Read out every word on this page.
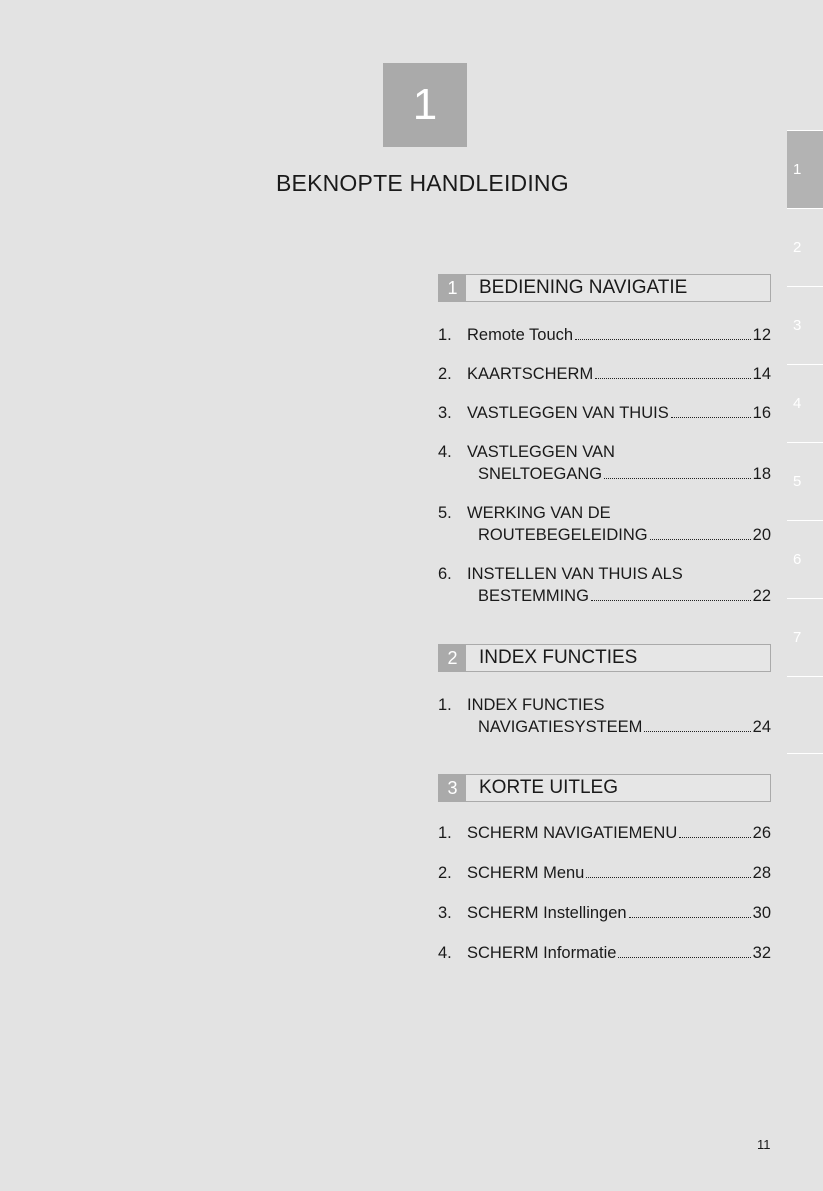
1
BEKNOPTE HANDLEIDING
1
2
3
4
5
6
7
1	BEDIENING NAVIGATIE
1. Remote Touch	12
2. KAARTSCHERM	14
3. VASTLEGGEN VAN THUIS	16
4. VASTLEGGEN VAN
SNELTOEGANG	18
5. WERKING VAN DE
ROUTEBEGELEIDING	20
6. INSTELLEN VAN THUIS ALS
BESTEMMING	22
2	INDEX FUNCTIES
1. INDEX FUNCTIES
NAVIGATIESYSTEEM	24
3	KORTE UITLEG
1. SCHERM NAVIGATIEMENU	26
2. SCHERM Menu	28
3. SCHERM Instellingen	30
4. SCHERM Informatie	32
11
